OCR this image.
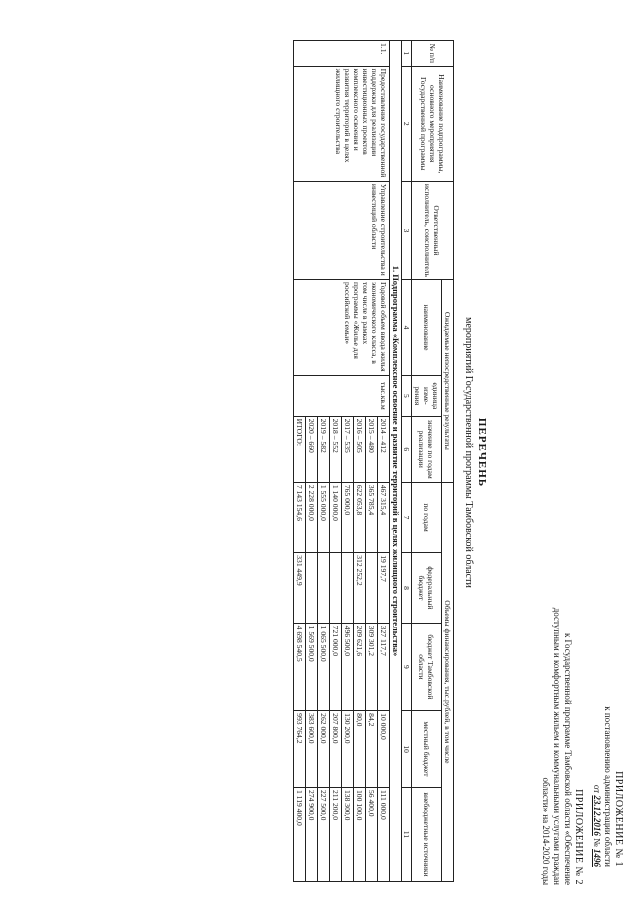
ПРИЛОЖЕНИЕ № 1
к постановлению администрации области
от 23.12.2016 № 1496
ПРИЛОЖЕНИЕ № 2
к Государственной программе Тамбовской области «Обеспечение
доступным и комфортным жильем и коммунальными услугами граждан
области» на 2014-2020 годы
ПЕРЕЧЕНЬ
мероприятий Государственной программы Тамбовской области
№ п/п	Наименование подпрограммы, основного мероприятия Государственной программы	Ответственный исполнитель, соисполнитель	Ожидаемые непосредственные результаты			Объемы финансирования, тыс.рублей, в том числе				
			наименование	единица изме-рения	значение по годам реализации	по годам	федеральный бюджет	бюджет Тамбовской области	местный бюджет	внебюджетные источники
1	2	3	4	5	6	7	8	9	10	11
1. Подпрограмма «Комплексное освоение и развитие территорий в целях жилищного строительства»										
1.1.	Предоставление государственной поддержки для реализации инвестиционных проектов комплексного освоения и развития территорий в целях жилищного строительства	Управление строительства и инвестиций области	Годовой объем ввода жилья экономического класса, в том числе в рамках программы «Жилье для российской семьи»	тыс.кв.м	2014 – 412	467 315,4	19 197,7	327 117,7	10 000,0	111 000,0
					2015 – 480	365 785,4		309 301,2	84,2	56 400,0
					2016 – 505	622 053,8	312 252,2	209 621,6	80,0	100 100,0
					2017 – 535	765 000,0		496 500,0	130 200,0	138 300,0
					2018 – 552	1 140 000,0		721 000,0	207 800,0	211 200,0
					2019 – 582	1 555 000,0		1 065 500,0	262 000,0	227 500,0
					2020 – 660	2 228 000,0		1 569 500,0	383 600,0	274 900,0
					ИТОГО:	7 143 154,6	331 449,9	4 698 540,5	993 764,2	1 119 400,0
